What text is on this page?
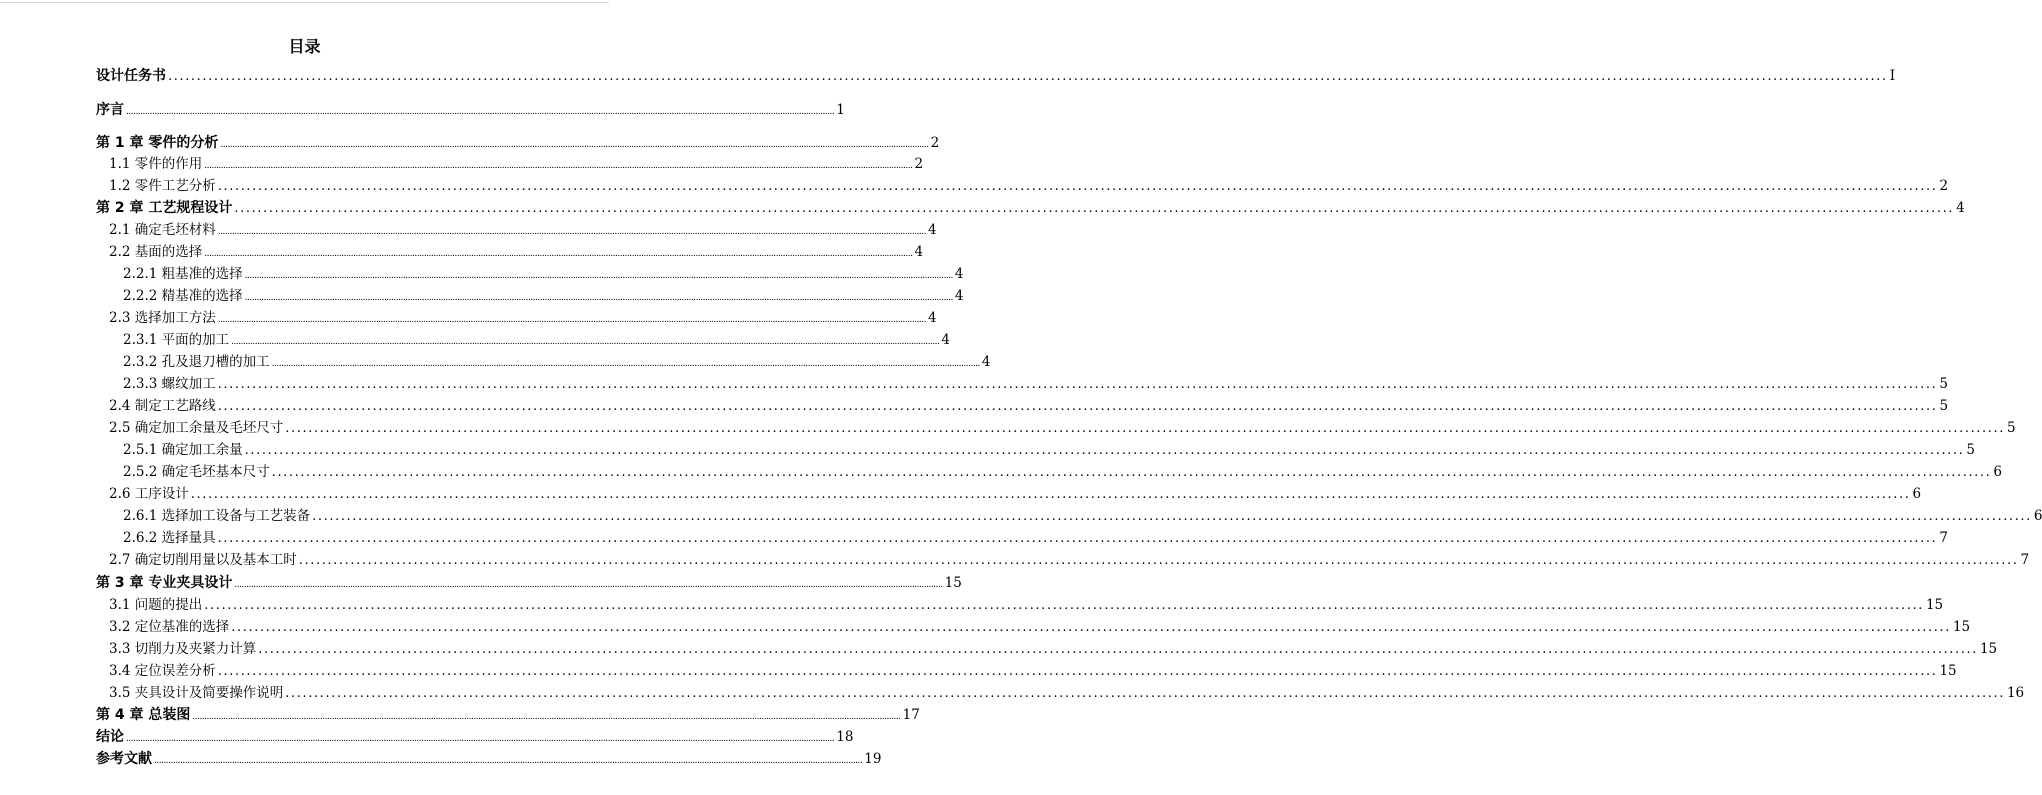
目录
设计任务书 ............................................................................................................................................................................................................................................................................................................ I
序言 ............................................................................................................................................................................................................................................................................................................ 1
第 1 章 零件的分析 ............................................................................................................................................................................................................................................................................................................ 2
1.1 零件的作用 ............................................................................................................................................................................................................................................................................................................ 2
1.2 零件工艺分析 ............................................................................................................................................................................................................................................................................................................ 2
第 2 章 工艺规程设计 ............................................................................................................................................................................................................................................................................................................ 4
2.1 确定毛坯材料 ............................................................................................................................................................................................................................................................................................................ 4
2.2 基面的选择 ............................................................................................................................................................................................................................................................................................................ 4
2.2.1 粗基准的选择 ............................................................................................................................................................................................................................................................................................................ 4
2.2.2 精基准的选择 ............................................................................................................................................................................................................................................................................................................ 4
2.3 选择加工方法 ............................................................................................................................................................................................................................................................................................................ 4
2.3.1 平面的加工 ............................................................................................................................................................................................................................................................................................................ 4
2.3.2 孔及退刀槽的加工 ............................................................................................................................................................................................................................................................................................................ 4
2.3.3 螺纹加工 ............................................................................................................................................................................................................................................................................................................ 5
2.4 制定工艺路线 ............................................................................................................................................................................................................................................................................................................ 5
2.5 确定加工余量及毛坯尺寸 ............................................................................................................................................................................................................................................................................................................ 5
2.5.1 确定加工余量 ............................................................................................................................................................................................................................................................................................................ 5
2.5.2 确定毛坯基本尺寸 ............................................................................................................................................................................................................................................................................................................ 6
2.6 工序设计 ............................................................................................................................................................................................................................................................................................................ 6
2.6.1 选择加工设备与工艺装备 ............................................................................................................................................................................................................................................................................................................ 6
2.6.2 选择量具 ............................................................................................................................................................................................................................................................................................................ 7
2.7 确定切削用量以及基本工时 ............................................................................................................................................................................................................................................................................................................ 7
第 3 章 专业夹具设计 ............................................................................................................................................................................................................................................................................................................ 15
3.1 问题的提出 ............................................................................................................................................................................................................................................................................................................ 15
3.2 定位基准的选择 ............................................................................................................................................................................................................................................................................................................ 15
3.3 切削力及夹紧力计算 ............................................................................................................................................................................................................................................................................................................ 15
3.4 定位误差分析 ............................................................................................................................................................................................................................................................................................................ 15
3.5 夹具设计及简要操作说明 ............................................................................................................................................................................................................................................................................................................ 16
第 4 章 总装图 ............................................................................................................................................................................................................................................................................................................ 17
结论 ............................................................................................................................................................................................................................................................................................................ 18
参考文献 ............................................................................................................................................................................................................................................................................................................ 19
